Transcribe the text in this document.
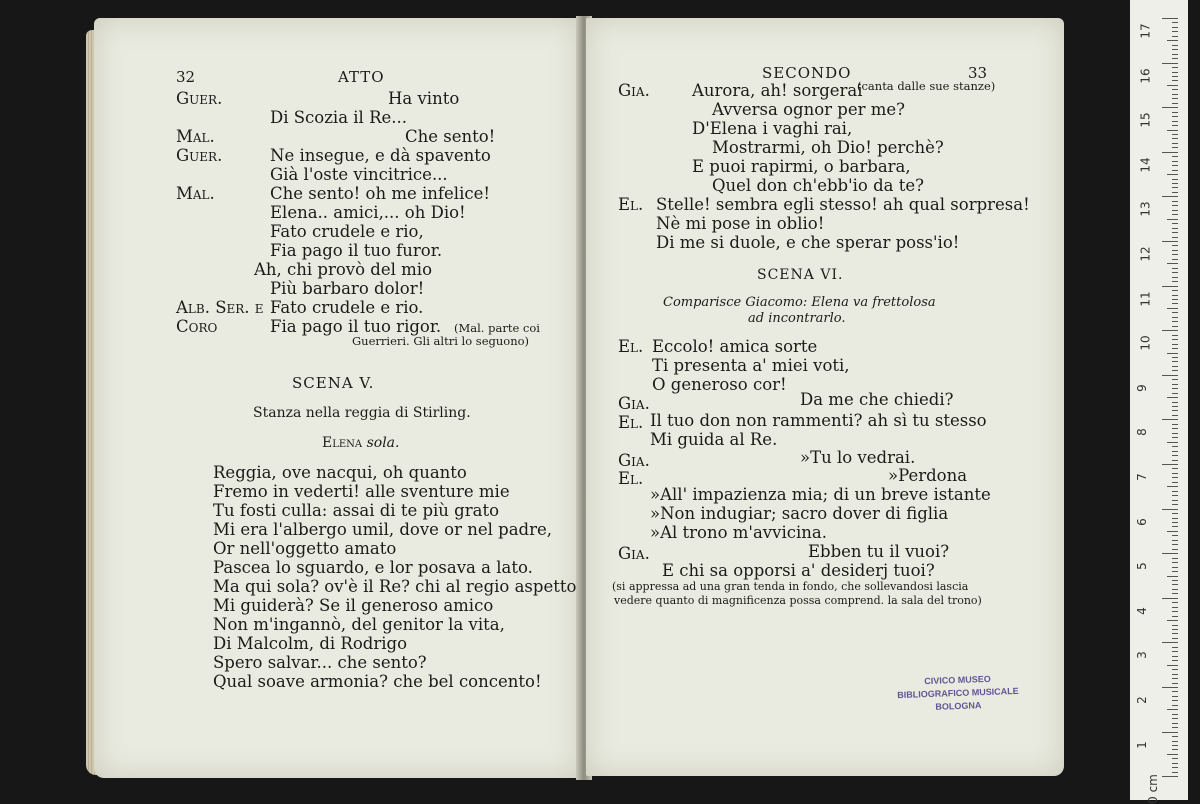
32	ATTO
Guer.	Ha vinto
Di Scozia il Re...
Mal.	Che sento!
Guer.	Ne insegue, e dà spavento
Già l'oste vincitrice...
Mal.	Che sento! oh me infelice!
Elena.. amici,... oh Dio!
Fato crudele e rio,
Fia pago il tuo furor.
Ah, chi provò del mio
Più barbaro dolor!
Alb. Ser. e Fato crudele e rio.
Coro	Fia pago il tuo rigor. (Mal. parte coi
Guerrieri. Gli altri lo seguono)
SCENA V.
Stanza nella reggia di Stirling.
Elena sola.
Reggia, ove nacqui, oh quanto
Fremo in vederti! alle sventure mie
Tu fosti culla: assai di te più grato
Mi era l'albergo umil, dove or nel padre,
Or nell'oggetto amato
Pascea lo sguardo, e lor posava a lato.
Ma qui sola? ov'è il Re? chi al regio aspetto
Mi guiderà? Se il generoso amico
Non m'ingannò, del genitor la vita,
Di Malcolm, di Rodrigo
Spero salvar... che sento?
Qual soave armonia? che bel concento!
SECONDO	33
(canta dalle sue stanze)
Gia.	Aurora, ah! sorgerai
Avversa ognor per me?
D'Elena i vaghi rai,
Mostrarmi, oh Dio! perchè?
E puoi rapirmi, o barbara,
Quel don ch'ebb'io da te?
El. Stelle! sembra egli stesso! ah qual sorpresa!
Nè mi pose in oblio!
Di me si duole, e che sperar poss'io!
SCENA VI.
Comparisce Giacomo: Elena va frettolosa
ad incontrarlo.
El. Eccolo! amica sorte
Ti presenta a' miei voti,
O generoso cor!
Gia.	Da me che chiedi?
El. Il tuo don non rammenti? ah sì tu stesso
Mi guida al Re.
Gia.	»Tu lo vedrai.
El.	»Perdona
»All' impazienza mia; di un breve istante
»Non indugiar; sacro dover di figlia
»Al trono m'avvicina.
Gia.	Ebben tu il vuoi?
E chi sa opporsi a' desiderj tuoi?
(si appressa ad una gran tenda in fondo, che sollevandosi lascia
vedere quanto di magnificenza possa comprend. la sala del trono)
CIVICO MUSEO
BIBLIOGRAFICO MUSICALE
BOLOGNA
17
16
15
14
13
12
11
10
9
8
7
6
5
4
3
2
1
0 cm
